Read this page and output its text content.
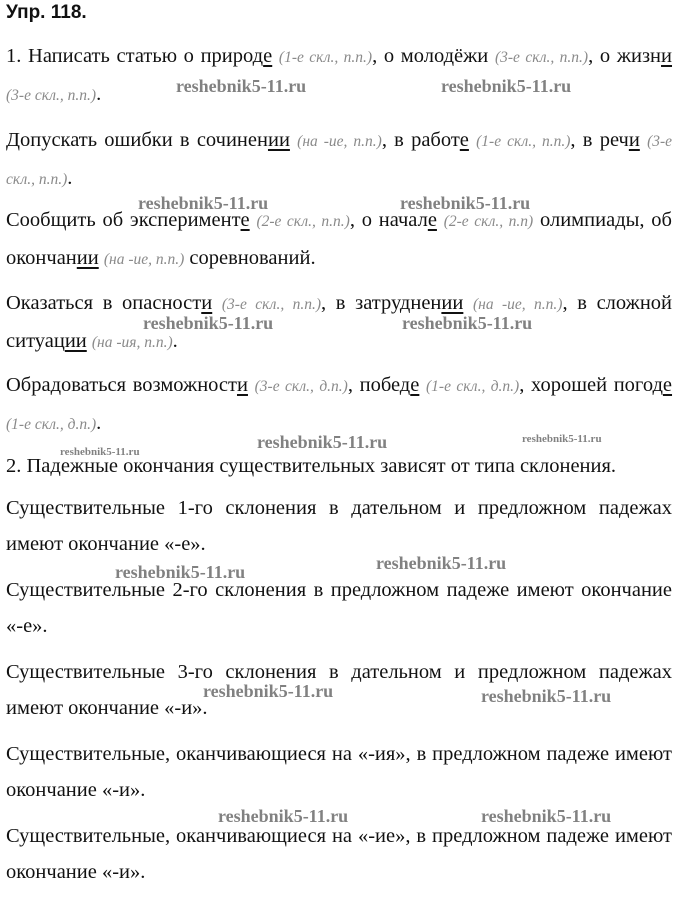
Упр. 118.

1. Написать статью о природе (1-е скл., п.п.), о молодёжи (3-е скл., п.п.), о жизни (3-е скл., п.п.).

Допускать ошибки в сочинении (на -ие, п.п.), в работе (1-е скл., п.п.), в речи (3-е скл., п.п.).

Сообщить об эксперименте (2-е скл., п.п.), о начале (2-е скл., п.п) олимпиады, об окончании (на -ие, п.п.) соревнований.

Оказаться в опасности (3-е скл., п.п.), в затруднении (на -ие, п.п.), в сложной ситуации (на -ия, п.п.).

Обрадоваться возможности (3-е скл., д.п.), победе (1-е скл., д.п.), хорошей погоде (1-е скл., д.п.).

2. Падежные окончания существительных зависят от типа склонения.

Существительные 1-го склонения в дательном и предложном падежах имеют окончание «-е».

Существительные 2-го склонения в предложном падеже имеют окончание «-е».

Существительные 3-го склонения в дательном и предложном падежах имеют окончание «-и».

Существительные, оканчивающиеся на «-ия», в предложном падеже имеют окончание «-и».

Существительные, оканчивающиеся на «-ие», в предложном падеже имеют окончание «-и».

reshebnik5-11.ru	reshebnik5-11.ru
reshebnik5-11.ru	reshebnik5-11.ru
reshebnik5-11.ru	reshebnik5-11.ru
reshebnik5-11.ru	reshebnik5-11.ru	reshebnik5-11.ru
reshebnik5-11.ru
reshebnik5-11.ru
reshebnik5-11.ru	reshebnik5-11.ru
reshebnik5-11.ru	reshebnik5-11.ru
